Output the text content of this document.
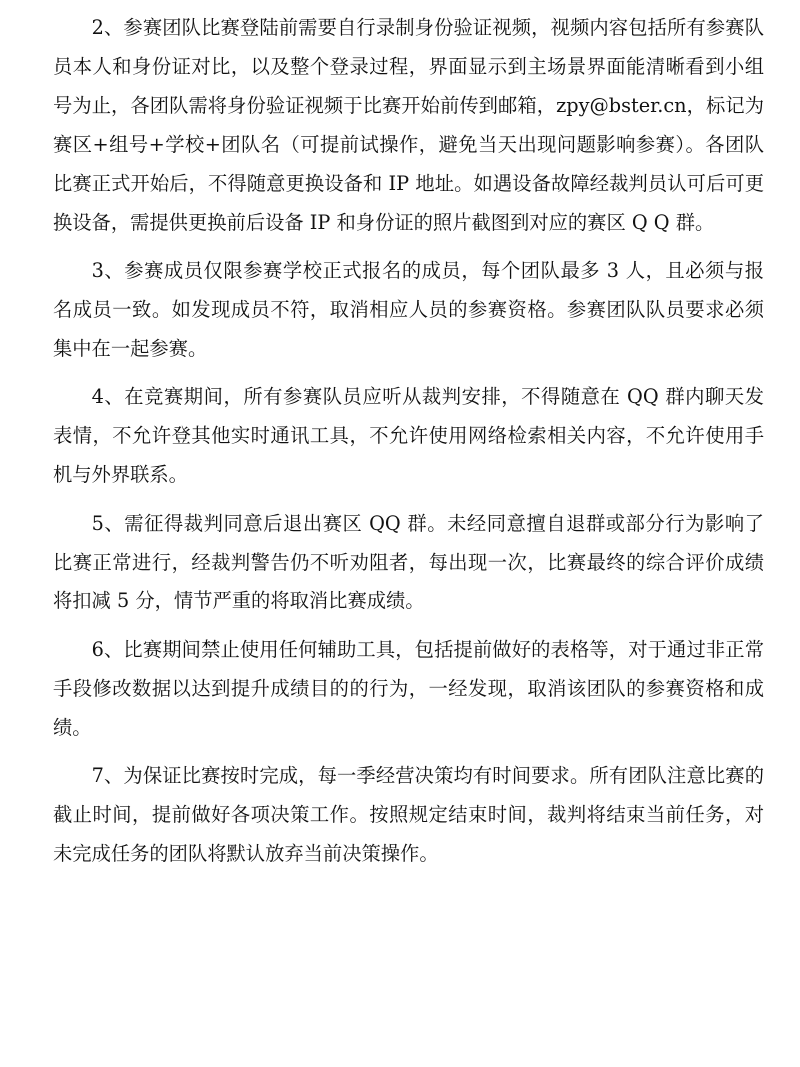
2、参赛团队比赛登陆前需要自行录制身份验证视频，视频内容包括所有参赛队员本人和身份证对比，以及整个登录过程，界面显示到主场景界面能清晰看到小组号为止，各团队需将身份验证视频于比赛开始前传到邮箱，zpy@bster.cn，标记为赛区+组号+学校+团队名（可提前试操作，避免当天出现问题影响参赛）。各团队比赛正式开始后，不得随意更换设备和 IP 地址。如遇设备故障经裁判员认可后可更换设备，需提供更换前后设备 IP 和身份证的照片截图到对应的赛区 Q Q 群。

3、参赛成员仅限参赛学校正式报名的成员，每个团队最多 3 人，且必须与报名成员一致。如发现成员不符，取消相应人员的参赛资格。参赛团队队员要求必须集中在一起参赛。

4、在竞赛期间，所有参赛队员应听从裁判安排，不得随意在 QQ 群内聊天发表情，不允许登其他实时通讯工具，不允许使用网络检索相关内容，不允许使用手机与外界联系。

5、需征得裁判同意后退出赛区 QQ 群。未经同意擅自退群或部分行为影响了比赛正常进行，经裁判警告仍不听劝阻者，每出现一次，比赛最终的综合评价成绩将扣减 5 分，情节严重的将取消比赛成绩。

6、比赛期间禁止使用任何辅助工具，包括提前做好的表格等，对于通过非正常手段修改数据以达到提升成绩目的的行为，一经发现，取消该团队的参赛资格和成绩。

7、为保证比赛按时完成，每一季经营决策均有时间要求。所有团队注意比赛的截止时间，提前做好各项决策工作。按照规定结束时间，裁判将结束当前任务，对未完成任务的团队将默认放弃当前决策操作。
